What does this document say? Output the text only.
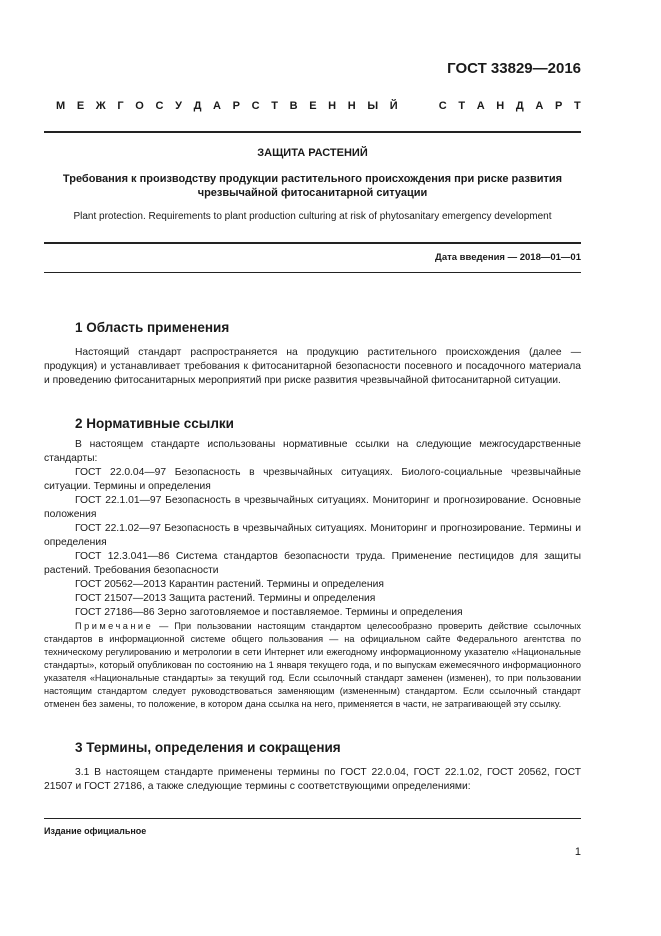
ГОСТ 33829—2016
М Е Ж Г О С У Д А Р С Т В Е Н Н Ы Й

	С Т А Н Д А Р Т
ЗАЩИТА РАСТЕНИЙ
Требования к производству продукции растительного происхождения при риске развития
чрезвычайной фитосанитарной ситуации
Plant protection. Requirements to plant production culturing at risk of phytosanitary emergency development
Дата введения — 2018—01—01
1 Область применения

Настоящий стандарт распространяется на продукцию растительного происхождения (далее — продукция) и устанавливает требования к фитосанитарной безопасности посевного и посадочного материала и проведению фитосанитарных мероприятий при риске развития чрезвычайной фитосанитарной ситуации.

2 Нормативные ссылки

В настоящем стандарте использованы нормативные ссылки на следующие межгосударственные стандарты:

ГОСТ 22.0.04—97 Безопасность в чрезвычайных ситуациях. Биолого-социальные чрезвычайные ситуации. Термины и определения
ГОСТ 22.1.01—97 Безопасность в чрезвычайных ситуациях. Мониторинг и прогнозирование. Основные положения
ГОСТ 22.1.02—97 Безопасность в чрезвычайных ситуациях. Мониторинг и прогнозирование. Термины и определения
ГОСТ 12.3.041—86 Система стандартов безопасности труда. Применение пестицидов для защиты растений. Требования безопасности
ГОСТ 20562—2013 Карантин растений. Термины и определения
ГОСТ 21507—2013 Защита растений. Термины и определения
ГОСТ 27186—86 Зерно заготовляемое и поставляемое. Термины и определения
Примечание — При пользовании настоящим стандартом целесообразно проверить действие ссылочных стандартов в информационной системе общего пользования — на официальном сайте Федерального агентства по техническому регулированию и метрологии в сети Интернет или ежегодному информационному указателю «Национальные стандарты», который опубликован по состоянию на 1 января текущего года, и по выпускам ежемесячного информационного указателя «Национальные стандарты» за текущий год. Если ссылочный стандарт заменен (изменен), то при пользовании настоящим стандартом следует руководствоваться заменяющим (измененным) стандартом. Если ссылочный стандарт отменен без замены, то положение, в котором дана ссылка на него, применяется в части, не затрагивающей эту ссылку.
3 Термины, определения и сокращения

3.1 В настоящем стандарте применены термины по ГОСТ 22.0.04, ГОСТ 22.1.02, ГОСТ 20562, ГОСТ 21507 и ГОСТ 27186, а также следующие термины с соответствующими определениями:

Издание официальное
1
